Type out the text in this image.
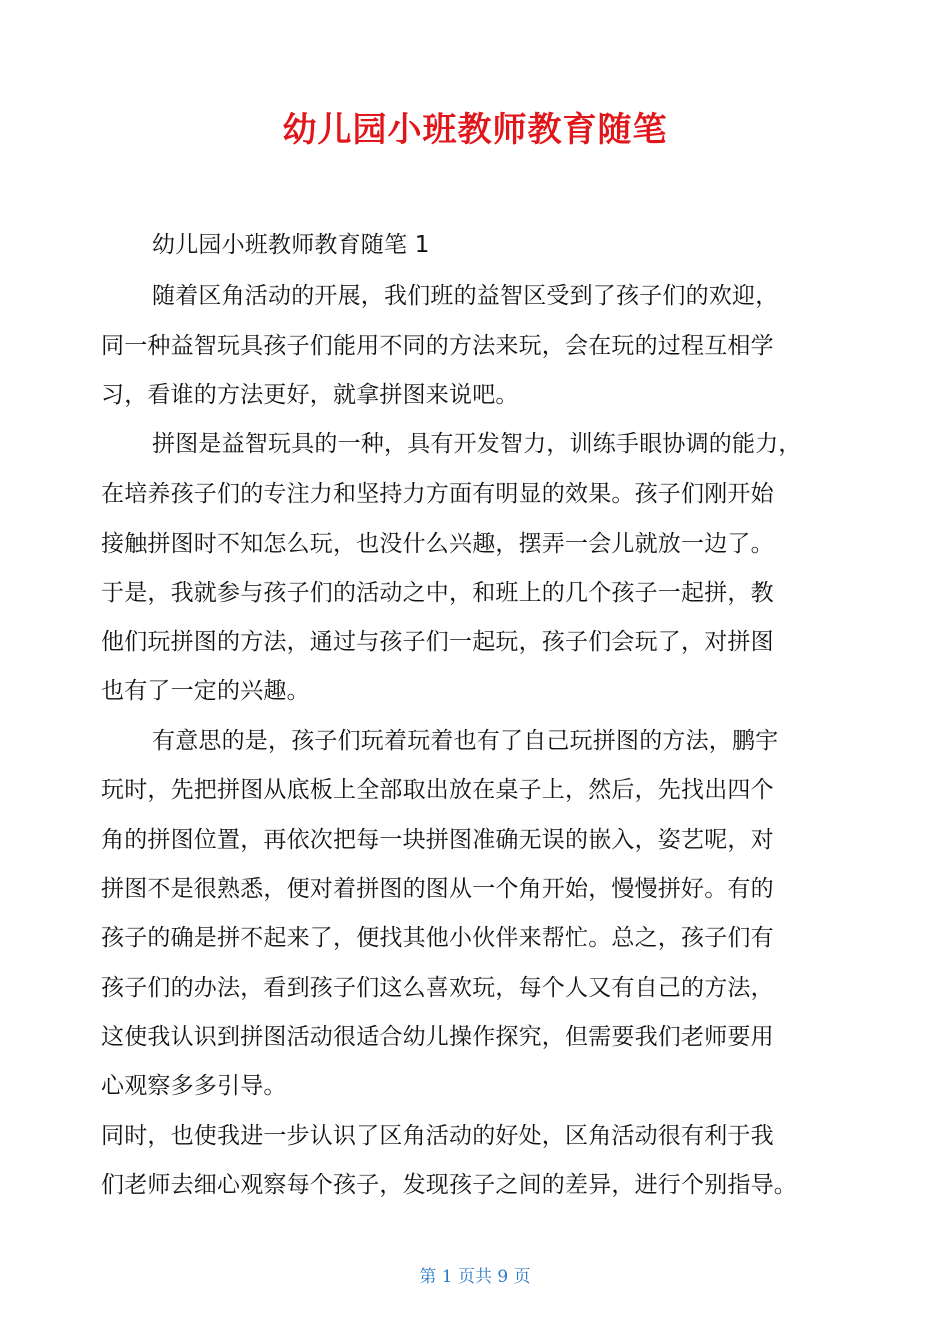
幼儿园小班教师教育随笔
幼儿园小班教师教育随笔 1
随着区角活动的开展，我们班的益智区受到了孩子们的欢迎，
同一种益智玩具孩子们能用不同的方法来玩，会在玩的过程互相学
习，看谁的方法更好，就拿拼图来说吧。
拼图是益智玩具的一种，具有开发智力，训练手眼协调的能力，
在培养孩子们的专注力和坚持力方面有明显的效果。孩子们刚开始
接触拼图时不知怎么玩，也没什么兴趣，摆弄一会儿就放一边了。
于是，我就参与孩子们的活动之中，和班上的几个孩子一起拼，教
他们玩拼图的方法，通过与孩子们一起玩，孩子们会玩了，对拼图
也有了一定的兴趣。
有意思的是，孩子们玩着玩着也有了自己玩拼图的方法，鹏宇
玩时，先把拼图从底板上全部取出放在桌子上，然后，先找出四个
角的拼图位置，再依次把每一块拼图准确无误的嵌入，姿艺呢，对
拼图不是很熟悉，便对着拼图的图从一个角开始，慢慢拼好。有的
孩子的确是拼不起来了，便找其他小伙伴来帮忙。总之，孩子们有
孩子们的办法，看到孩子们这么喜欢玩，每个人又有自己的方法，
这使我认识到拼图活动很适合幼儿操作探究，但需要我们老师要用
心观察多多引导。
同时，也使我进一步认识了区角活动的好处，区角活动很有利于我
们老师去细心观察每个孩子，发现孩子之间的差异，进行个别指导。
第 1 页共 9 页
